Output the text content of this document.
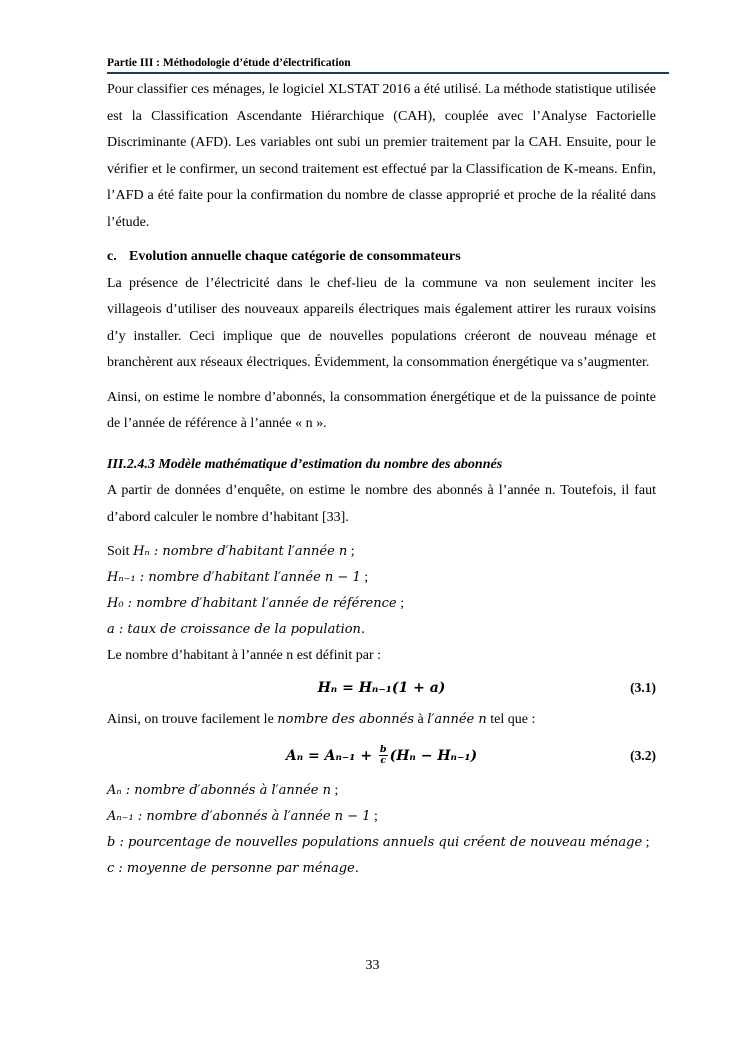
Partie III : Méthodologie d’étude d’électrification

Pour classifier ces ménages, le logiciel XLSTAT 2016 a été utilisé. La méthode statistique utilisée est la Classification Ascendante Hiérarchique (CAH), couplée avec l’Analyse Factorielle Discriminante (AFD). Les variables ont subi un premier traitement par la CAH. Ensuite, pour le vérifier et le confirmer, un second traitement est effectué par la Classification de K-means. Enfin, l’AFD a été faite pour la confirmation du nombre de classe approprié et proche de la réalité dans l’étude.

c. Evolution annuelle chaque catégorie de consommateurs

La présence de l’électricité dans le chef-lieu de la commune va non seulement inciter les villageois d’utiliser des nouveaux appareils électriques mais également attirer les ruraux voisins d’y installer. Ceci implique que de nouvelles populations créeront de nouveau ménage et branchèrent aux réseaux électriques. Évidemment, la consommation énergétique va s’augmenter.

Ainsi, on estime le nombre d’abonnés, la consommation énergétique et de la puissance de pointe de l’année de référence à l’année « n ».

III.2.4.3 Modèle mathématique d’estimation du nombre des abonnés

A partir de données d’enquête, on estime le nombre des abonnés à l’année n. Toutefois, il faut d’abord calculer le nombre d’habitant [33].

Soit Hₙ : nombre d′habitant l′année n ;

Hₙ₋₁ : nombre d′habitant l′année n − 1 ;

H₀ : nombre d′habitant l′année de référence ;

a : taux de croissance de la population.

Le nombre d’habitant à l’année n est définit par :

Hₙ = Hₙ₋₁(1 + a)	(3.1)

Ainsi, on trouve facilement le nombre des abonnés à l′année n tel que :

$A_n = A_{n-1} + \frac{b}{c} (H_n - H_{n-1})$	(3.2)

Aₙ : nombre d′abonnés à l′année n ;

Aₙ₋₁ : nombre d′abonnés à l′année n − 1 ;

b : pourcentage de nouvelles populations annuels qui créent de nouveau ménage ;

c : moyenne de personne par ménage.

33
